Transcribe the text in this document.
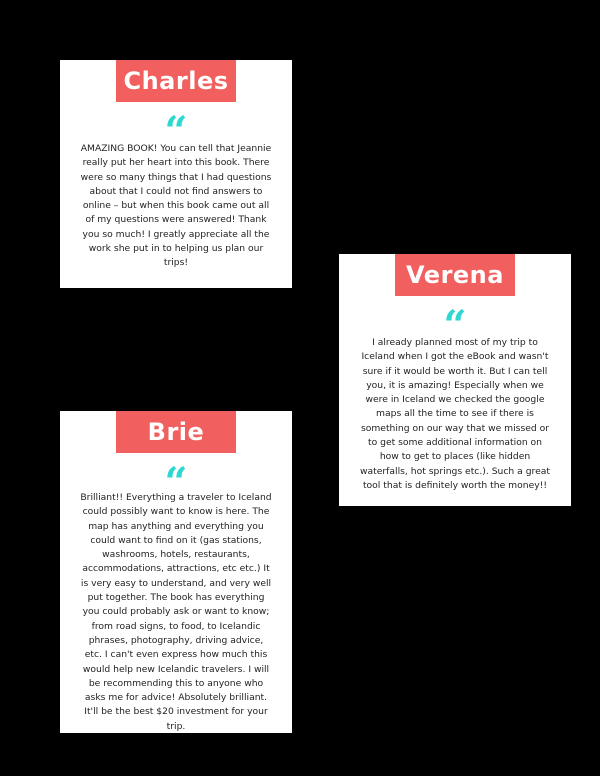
Charles
“

AMAZING BOOK! You can tell that Jeannie really put her heart into this book. There were so many things that I had questions about that I could not find answers to online – but when this book came out all of my questions were answered! Thank you so much! I greatly appreciate all the work she put in to helping us plan our trips!	Verena
“

I already planned most of my trip to Iceland when I got the eBook and wasn't sure if it would be worth it. But I can tell you, it is amazing! Especially when we were in Iceland we checked the google maps all the time to see if there is something on our way that we missed or to get some additional information on how to get to places (like hidden waterfalls, hot springs etc.). Such a great tool that is definitely worth the money!!

Brie
“

Brilliant!! Everything a traveler to Iceland could possibly want to know is here. The map has anything and everything you could want to find on it (gas stations, washrooms, hotels, restaurants, accommodations, attractions, etc etc.) It is very easy to understand, and very well put together. The book has everything you could probably ask or want to know; from road signs, to food, to Icelandic phrases, photography, driving advice, etc. I can't even express how much this would help new Icelandic travelers. I will be recommending this to anyone who asks me for advice! Absolutely brilliant. It'll be the best $20 investment for your trip.
